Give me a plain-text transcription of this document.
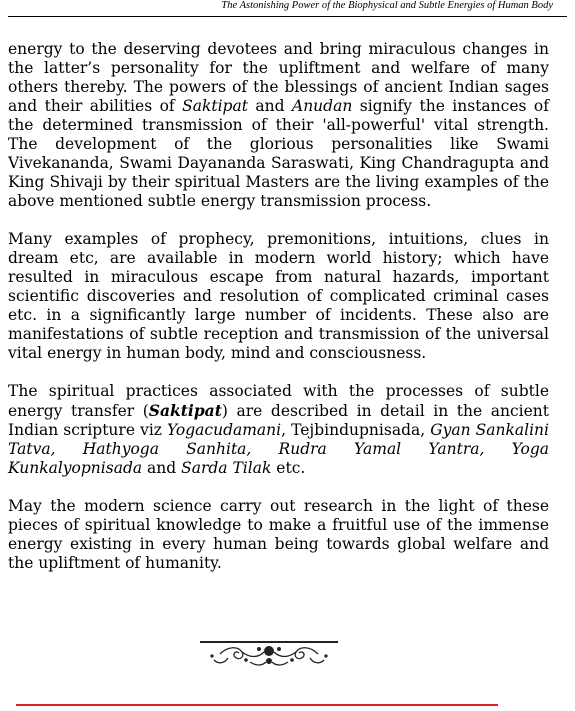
The Astonishing Power of the Biophysical and Subtle Energies of Human Body

energy to the deserving devotees and bring miraculous changes in the latter’s personality for the upliftment and welfare of many others thereby. The powers of the blessings of ancient Indian sages and their abilities of Saktipat and Anudan signify the instances of the determined transmission of their 'all-powerful' vital strength. The development of the glorious personalities like Swami Vivekananda, Swami Dayananda Saraswati, King Chandragupta and King Shivaji by their spiritual Masters are the living examples of the above mentioned subtle energy transmission process.

Many examples of prophecy, premonitions, intuitions, clues in dream etc, are available in modern world history; which have resulted in miraculous escape from natural hazards, important scientific discoveries and resolution of complicated criminal cases etc. in a significantly large number of incidents. These also are manifestations of subtle reception and transmission of the universal vital energy in human body, mind and consciousness.

The spiritual practices associated with the processes of subtle energy transfer (Saktipat) are described in detail in the ancient Indian scripture viz Yogacudamani, Tejbindupnisada, Gyan Sankalini Tatva, Hathyoga Sanhita, Rudra Yamal Yantra, Yoga Kunkalyopnisada and Sarda Tilak etc.

May the modern science carry out research in the light of these pieces of spiritual knowledge to make a fruitful use of the immense energy existing in every human being towards global welfare and the upliftment of humanity.
